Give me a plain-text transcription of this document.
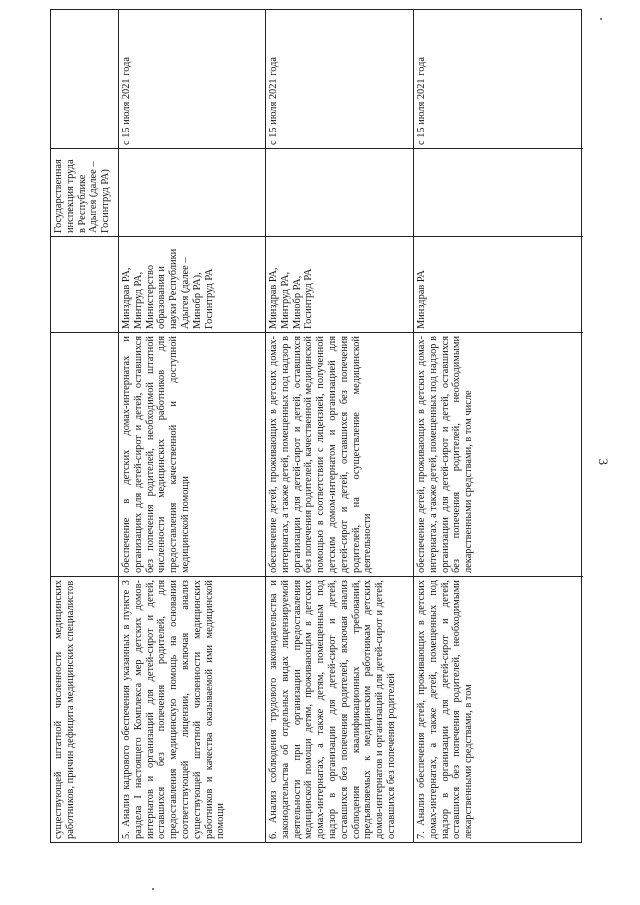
3
существующей штатной численности медицинских работников, причин дефицита медицинских специалистов
Государственная инспекция труда в Республике Адыгея (далее – Госинтруд РА)
5. Анализ кадрового обеспечения указанных в пункте 3 раздела I настоящего Комплекса мер детских домов-интернатов и организаций для детей-сирот и детей, оставшихся без попечения родителей, для предоставления медицинскую помощь на основании соответствующей лицензии, включая анализ существующей штатной численности медицинских работников и качества оказываемой ими медицинской помощи
обеспечение в детских домах-интернатах и организациях для детей-сирот и детей, оставшихся без попечения родителей, необходимой штатной численности медицинских работников для предоставления качественной и доступной медицинской помощи
Минздрав РА, Минтруд РА, Министерство образования и науки Республики Адыгея (далее – Минобр РА), Госинтруд РА
с 15 июля 2021 года
6. Анализ соблюдения трудового законодательства и законодательства об отдельных видах лицензируемой деятельности при организации предоставления медицинской помощи детям, проживающим в детских домах-интернатах, а также детям, помещенным под надзор в организации для детей-сирот и детей, оставшихся без попечения родителей, включая анализ соблюдения квалификационных требований, предъявляемых к медицинским работникам детских домов-интернатов и организаций для детей-сирот и детей, оставшихся без попечения родителей
обеспечение детей, проживающих в детских домах-интернатах, а также детей, помещенных под надзор в организации для детей-сирот и детей, оставшихся без попечения родителей, качественной медицинской помощью в соответствии с лицензией, полученной детским домом-интернатом и организацией для детей-сирот и детей, оставшихся без попечения родителей, на осуществление медицинской деятельности
Минздрав РА, Минтруд РА, Минобр РА, Госинтруд РА
с 15 июля 2021 года
7. Анализ обеспечения детей, проживающих в детских домах-интернатах, а также детей, помещенных под надзор в организации для детей-сирот и детей, оставшихся без попечения родителей, необходимыми лекарственными средствами, в том
обеспечение детей, проживающих в детских домах-интернатах, а также детей, помещенных под надзор в организации для детей-сирот и детей, оставшихся без попечения родителей, необходимыми лекарственными средствами, в том числе
Минздрав РА
с 15 июля 2021 года
